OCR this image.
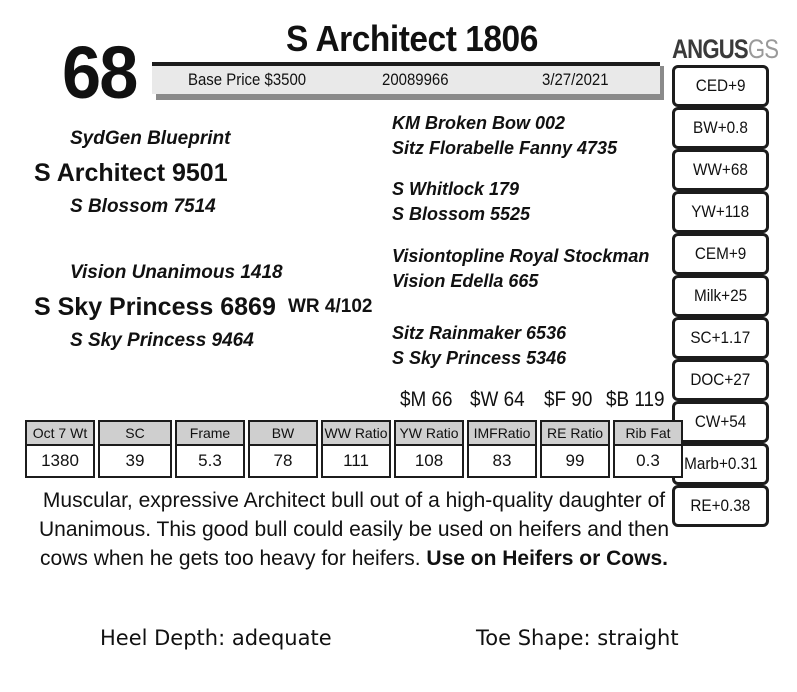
68	S Architect 1806
Base Price $3500	20089966	3/27/2021
ANGUSGS
CED+9
BW+0.8
WW+68
YW+118
CEM+9
Milk+25
SC+1.17
DOC+27
CW+54
Marb+0.31
RE+0.38
SydGen Blueprint
S Architect 9501
S Blossom 7514
Vision Unanimous 1418
S Sky Princess 6869 WR 4/102
S Sky Princess 9464
KM Broken Bow 002
Sitz Florabelle Fanny 4735
S Whitlock 179
S Blossom 5525
Visiontopline Royal Stockman
Vision Edella 665
Sitz Rainmaker 6536
S Sky Princess 5346
$M 66 $W 64 $F 90 $B 119
Oct 7 Wt	SC	Frame	BW	WW Ratio	YW Ratio	IMFRatio	RE Ratio	Rib Fat
1380	39	5.3	78	111	108	83	99	0.3
Muscular, expressive Architect bull out of a high-quality daughter of Unanimous. This good bull could easily be used on heifers and then cows when he gets too heavy for heifers. Use on Heifers or Cows.
Heel Depth: adequate	Toe Shape: straight
